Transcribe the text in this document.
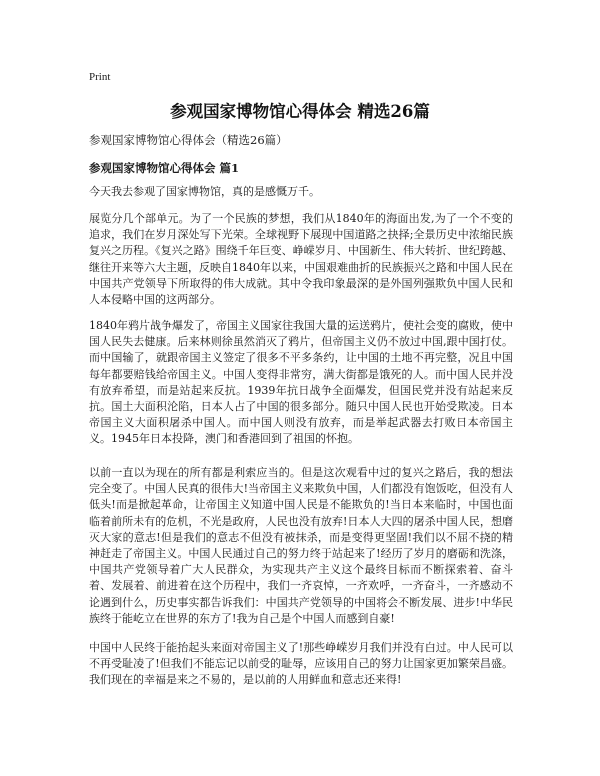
Print
参观国家博物馆心得体会 精选26篇

参观国家博物馆心得体会（精选26篇）

参观国家博物馆心得体会 篇1

今天我去参观了国家博物馆，真的是感慨万千。

展览分几个部单元。为了一个民族的梦想，我们从1840年的海面出发,为了一个不变的追求，我们在岁月深处写下光荣。全球视野下展现中国道路之抉择;全景历史中浓缩民族复兴之历程。《复兴之路》围绕千年巨变、峥嵘岁月、中国新生、伟大转折、世纪跨越、继往开来等六大主题，反映自1840年以来，中国艰难曲折的民族振兴之路和中国人民在中国共产党领导下所取得的伟大成就。其中令我印象最深的是外国列强欺负中国人民和人本侵略中国的这两部分。

1840年鸦片战争爆发了，帝国主义国家往我国大量的运送鸦片，使社会变的腐败，使中国人民失去健康。后来林则徐虽然消灭了鸦片，但帝国主义仍不放过中国,跟中国打仗。而中国输了，就跟帝国主义签定了很多不平多条约，让中国的土地不再完整，况且中国每年都要赔钱给帝国主义。中国人变得非常穷，满大街都是饿死的人。而中国人民并没有放弃希望，而是站起来反抗。1939年抗日战争全面爆发，但国民党并没有站起来反抗。国土大面积沦陷，日本人占了中国的很多部分。随只中国人民也开始受欺凌。日本帝国主义大面积屠杀中国人。而中国人则没有放弃，而是举起武器去打败日本帝国主义。1945年日本投降，澳门和香港回到了祖国的怀抱。

以前一直以为现在的所有都是利索应当的。但是这次观看中过的复兴之路后，我的想法完全变了。中国人民真的很伟大!当帝国主义来欺负中国，人们都没有饱饭吃，但没有人低头!而是掀起革命，让帝国主义知道中国人民是不能欺负的!当日本来临时，中国也面临着前所未有的危机，不光是政府，人民也没有放弃!日本人大四的屠杀中国人民，想磨灭大家的意志!但是我们的意志不但没有被抹杀，而是变得更坚固!我们以不屈不挠的精神赶走了帝国主义。中国人民通过自己的努力终于站起来了!经历了岁月的磨砺和洗涤，中国共产党领导着广大人民群众，为实现共产主义这个最终目标而不断探索着、奋斗着、发展着、前进着在这个历程中，我们一齐哀悼，一齐欢呼，一齐奋斗，一齐感动不论遇到什么，历史事实都告诉我们：中国共产党领导的中国将会不断发展、进步!中华民族终于能屹立在世界的东方了!我为自己是个中国人而感到自豪!

中国中人民终于能抬起头来面对帝国主义了!那些峥嵘岁月我们并没有白过。中人民可以不再受耻凌了!但我们不能忘记以前受的耻辱，应该用自己的努力让国家更加繁荣昌盛。我们现在的幸福是来之不易的，是以前的人用鲜血和意志还来得!
